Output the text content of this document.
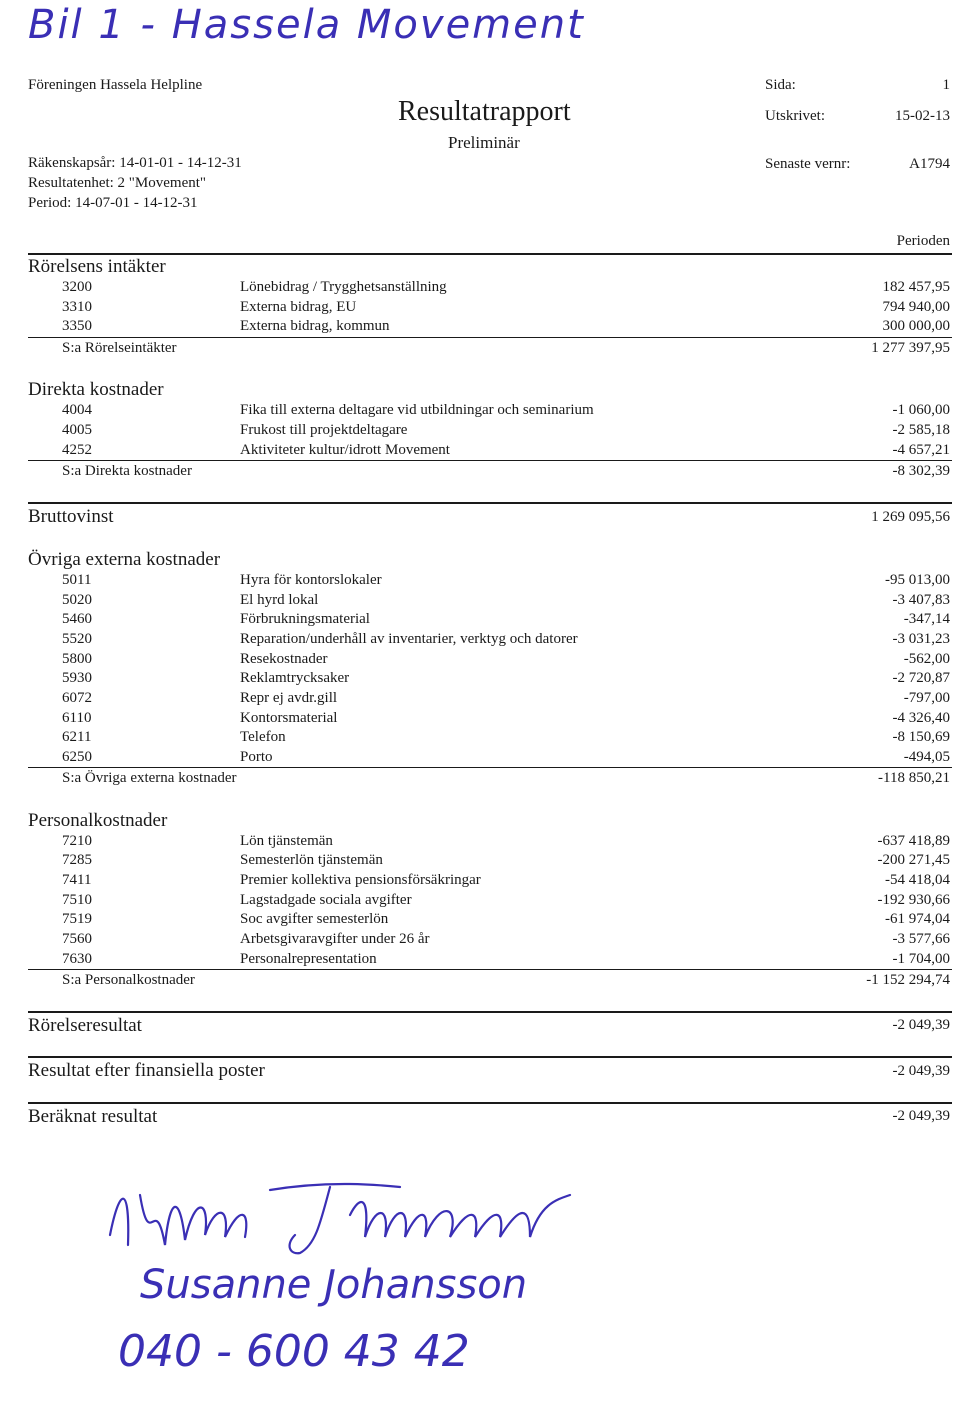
Bil 1 - Hassela Movement
Föreningen Hassela Helpline
Resultatrapport
Preliminär
Räkenskapsår: 14-01-01 - 14-12-31
Resultatenhet: 2 "Movement"
Period: 14-07-01 - 14-12-31
Sida:	1
Utskrivet:	15-02-13
Senaste vernr:	A1794
Perioden
Rörelsens intäkter
3200	Lönebidrag / Trygghetsanställning	182 457,95
3310	Externa bidrag, EU	794 940,00
3350	Externa bidrag, kommun	300 000,00
S:a Rörelseintäkter	1 277 397,95
Direkta kostnader
4004	Fika till externa deltagare vid utbildningar och seminarium	-1 060,00
4005	Frukost till projektdeltagare	-2 585,18
4252	Aktiviteter kultur/idrott Movement	-4 657,21
S:a Direkta kostnader	-8 302,39
Bruttovinst	1 269 095,56
Övriga externa kostnader
5011	Hyra för kontorslokaler	-95 013,00
5020	El hyrd lokal	-3 407,83
5460	Förbrukningsmaterial	-347,14
5520	Reparation/underhåll av inventarier, verktyg och datorer	-3 031,23
5800	Resekostnader	-562,00
5930	Reklamtrycksaker	-2 720,87
6072	Repr ej avdr.gill	-797,00
6110	Kontorsmaterial	-4 326,40
6211	Telefon	-8 150,69
6250	Porto	-494,05
S:a Övriga externa kostnader	-118 850,21
Personalkostnader
7210	Lön tjänstemän	-637 418,89
7285	Semesterlön tjänstemän	-200 271,45
7411	Premier kollektiva pensionsförsäkringar	-54 418,04
7510	Lagstadgade sociala avgifter	-192 930,66
7519	Soc avgifter semesterlön	-61 974,04
7560	Arbetsgivaravgifter under 26 år	-3 577,66
7630	Personalrepresentation	-1 704,00
S:a Personalkostnader	-1 152 294,74
Rörelseresultat	-2 049,39
Resultat efter finansiella poster	-2 049,39
Beräknat resultat	-2 049,39
Susanne Johansson
040 - 600 43 42
